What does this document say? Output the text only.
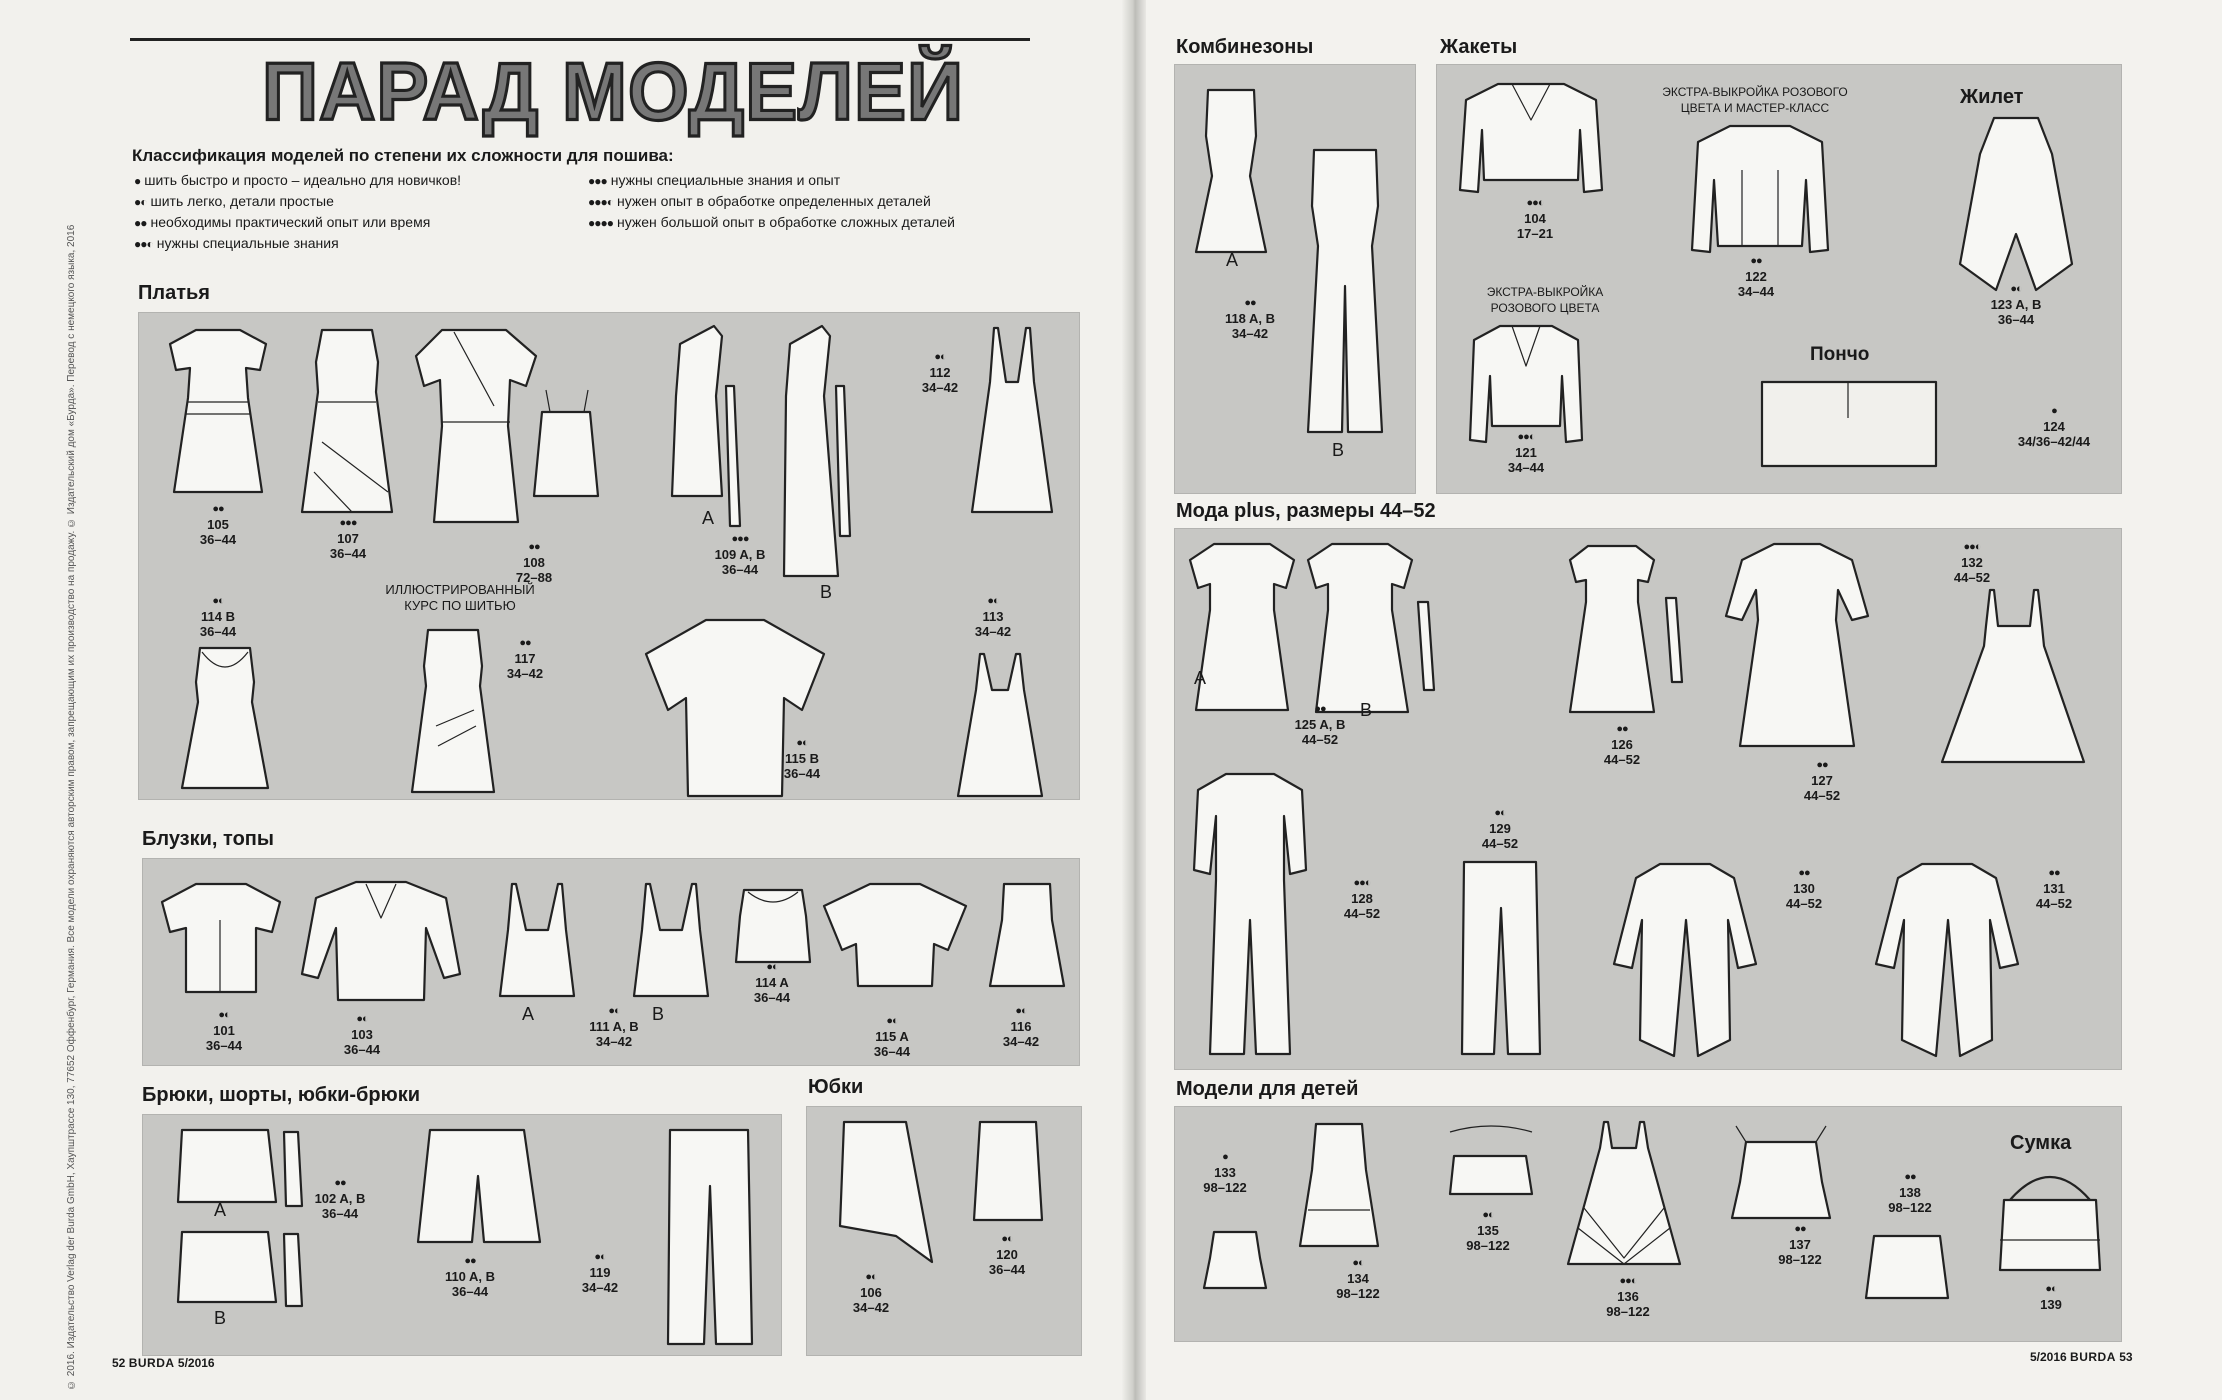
ПАРАД МОДЕЛЕЙ
Классификация моделей по степени их сложности для пошива:
● шить быстро и просто – идеально для новичков!
●◐ шить легко, детали простые
●● необходимы практический опыт или время
●●◐ нужны специальные знания
●●● нужны специальные знания и опыт
●●●◐ нужен опыт в обработке определенных деталей
●●●● нужен большой опыт в обработке сложных деталей
© 2016. Издательство Verlag der Burda GmbH, Хаупштрассе 130, 77652 Оффенбург, Германия. Все модели охраняются авторским правом, запрещающим их производство на продажу. © Издательский дом «Бурда». Перевод с немецкого языка, 2016	Платья
●●
105
36–44
●●●
107
36–44	●●
108
72–88
A
B
●●●
109 A, B
36–44
●◐
112
34–42
ИЛЛЮСТРИРОВАННЫЙ
КУРС ПО ШИТЬЮ
●◐
114 B
36–44
●●
117
34–42
●◐
115 B
36–44
●◐
113
34–42
Блузки, топы
●◐
101
36–44
●◐
103
36–44
A	●◐
111 A, B
34–42
B
●◐
114 A
36–44
●◐
115 A
36–44
●◐
116
34–42
Брюки, шорты, юбки-брюки
A
B
●●
102 A, B
36–44
●●
110 A, B
36–44
●◐
119
34–42
Юбки
●◐
106
34–42
●◐
120
36–44
Комбинезоны
A
●●
118 A, B
34–42
B
Жакеты
●●◐
104
17–21
ЭКСТРА-ВЫКРОЙКА РОЗОВОГО
ЦВЕТА И МАСТЕР-КЛАСС
●●
122
34–44
Жилет
●◐
123 A, B
36–44
ЭКСТРА-ВЫКРОЙКА
РОЗОВОГО ЦВЕТА
●●◐
121
34–44
Пончо
●
124
34/36–42/44
Мода plus, размеры 44–52
A
B
●●
125 A, B
44–52
●●
126
44–52	●●
127
44–52
●●◐
132
44–52
●●◐
128
44–52
●◐
129
44–52
●●
130
44–52
●●
131
44–52
Модели для детей
●
133
98–122
●◐
134
98–122
●◐
135
98–122
●●◐
136
98–122
●●
137
98–122
●●
138
98–122
Сумка
●◐
139
52 BURDA 5/2016	5/2016 BURDA 53
